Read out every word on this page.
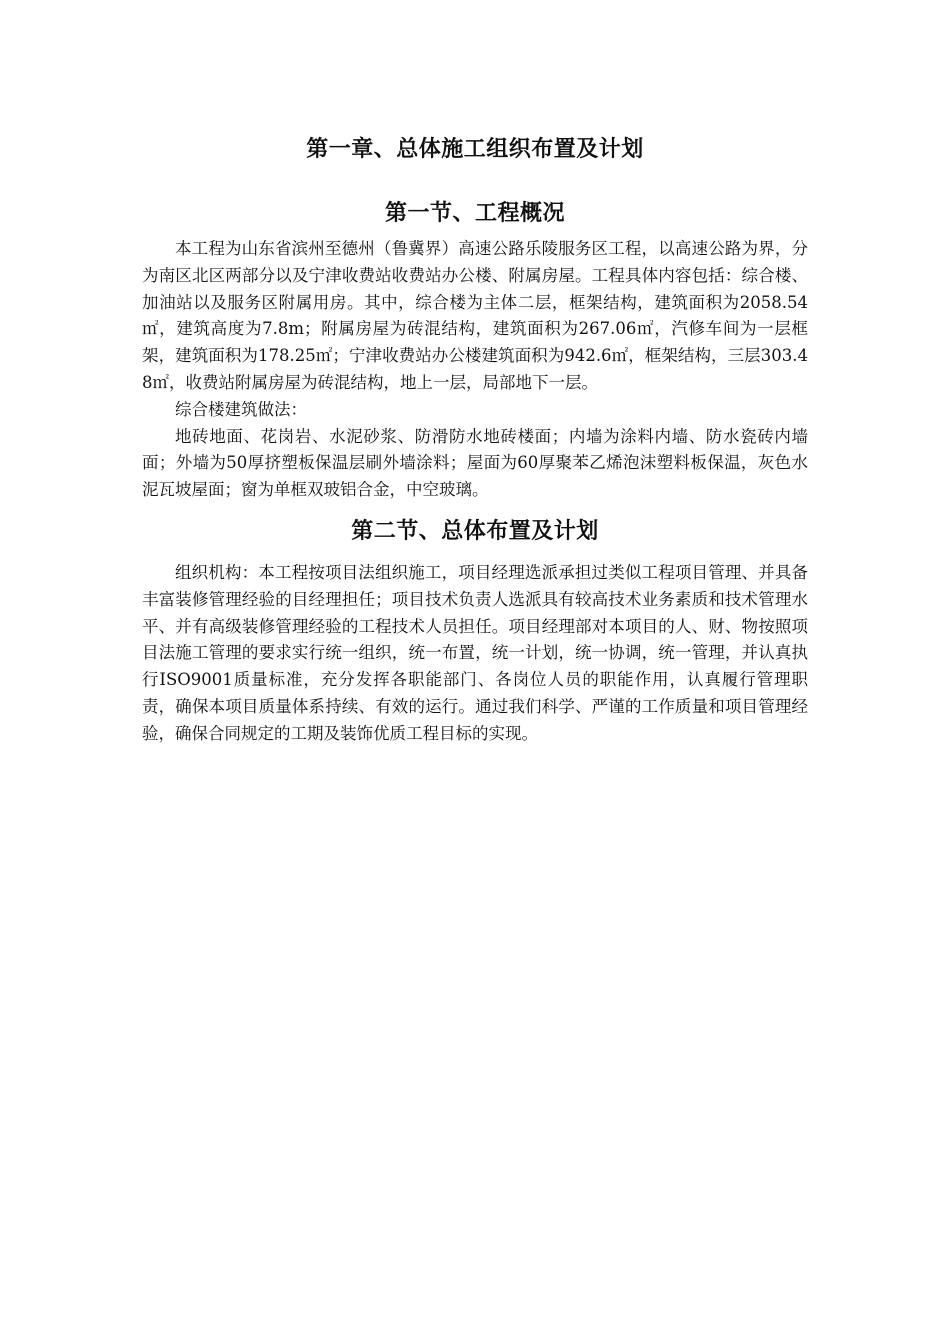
第一章、总体施工组织布置及计划
第一节、工程概况

本工程为山东省滨州至德州（鲁冀界）高速公路乐陵服务区工程，以高速公路为界，分为南区北区两部分以及宁津收费站收费站办公楼、附属房屋。工程具体内容包括：综合楼、加油站以及服务区附属用房。其中，综合楼为主体二层，框架结构，建筑面积为2058.54㎡，建筑高度为7.8m；附属房屋为砖混结构，建筑面积为267.06㎡，汽修车间为一层框架，建筑面积为178.25㎡；宁津收费站办公楼建筑面积为942.6㎡，框架结构，三层303.48㎡，收费站附属房屋为砖混结构，地上一层，局部地下一层。

综合楼建筑做法：

地砖地面、花岗岩、水泥砂浆、防滑防水地砖楼面；内墙为涂料内墙、防水瓷砖内墙面；外墙为50厚挤塑板保温层刷外墙涂料；屋面为60厚聚苯乙烯泡沫塑料板保温，灰色水泥瓦坡屋面；窗为单框双玻铝合金，中空玻璃。

第二节、总体布置及计划

组织机构：本工程按项目法组织施工，项目经理选派承担过类似工程项目管理、并具备丰富装修管理经验的目经理担任；项目技术负责人选派具有较高技术业务素质和技术管理水平、并有高级装修管理经验的工程技术人员担任。项目经理部对本项目的人、财、物按照项目法施工管理的要求实行统一组织，统一布置，统一计划，统一协调，统一管理，并认真执行ISO9001质量标准，充分发挥各职能部门、各岗位人员的职能作用，认真履行管理职责，确保本项目质量体系持续、有效的运行。通过我们科学、严谨的工作质量和项目管理经验，确保合同规定的工期及装饰优质工程目标的实现。
